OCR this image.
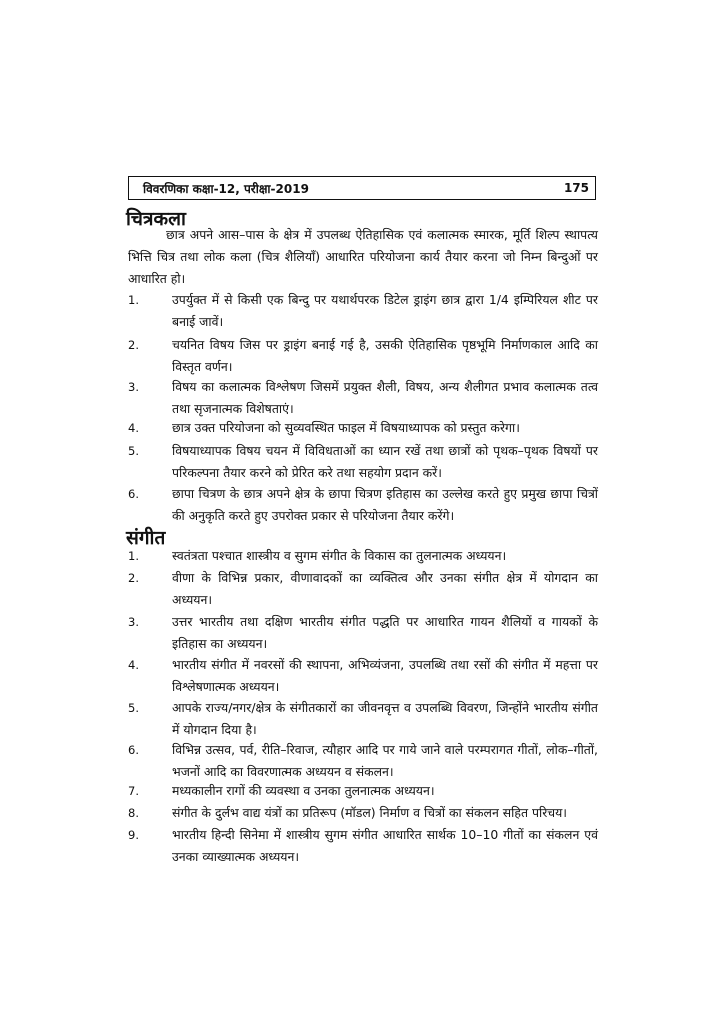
विवरणिका कक्षा-12, परीक्षा-2019	175
चित्रकला
छात्र अपने आस–पास के क्षेत्र में उपलब्ध ऐतिहासिक एवं कलात्मक स्मारक, मूर्ति शिल्प स्थापत्य भित्ति चित्र तथा लोक कला (चित्र शैलियाँ) आधारित परियोजना कार्य तैयार करना जो निम्न बिन्दुओं पर आधारित हो।
1.	उपर्युक्त में से किसी एक बिन्दु पर यथार्थपरक डिटेल ड्राइंग छात्र द्वारा 1/4 इम्पिरियल शीट पर बनाई जावें।
2.	चयनित विषय जिस पर ड्राइंग बनाई गई है, उसकी ऐतिहासिक पृष्ठभूमि निर्माणकाल आदि का विस्तृत वर्णन।
3.	विषय का कलात्मक विश्लेषण जिसमें प्रयुक्त शैली, विषय, अन्य शैलीगत प्रभाव कलात्मक तत्व तथा सृजनात्मक विशेषताएं।
4.	छात्र उक्त परियोजना को सुव्यवस्थित फाइल में विषयाध्यापक को प्रस्तुत करेगा।
5.	विषयाध्यापक विषय चयन में विविधताओं का ध्यान रखें तथा छात्रों को पृथक–पृथक विषयों पर परिकल्पना तैयार करने को प्रेरित करे तथा सहयोग प्रदान करें।
6.	छापा चित्रण के छात्र अपने क्षेत्र के छापा चित्रण इतिहास का उल्लेख करते हुए प्रमुख छापा चित्रों की अनुकृति करते हुए उपरोक्त प्रकार से परियोजना तैयार करेंगे।
संगीत
1.	स्वतंत्रता पश्चात शास्त्रीय व सुगम संगीत के विकास का तुलनात्मक अध्ययन।
2.	वीणा के विभिन्न प्रकार, वीणावादकों का व्यक्तित्व और उनका संगीत क्षेत्र में योगदान का अध्ययन।
3.	उत्तर भारतीय तथा दक्षिण भारतीय संगीत पद्धति पर आधारित गायन शैलियों व गायकों के इतिहास का अध्ययन।
4.	भारतीय संगीत में नवरसों की स्थापना, अभिव्यंजना, उपलब्धि तथा रसों की संगीत में महत्ता पर विश्लेषणात्मक अध्ययन।
5.	आपके राज्य/नगर/क्षेत्र के संगीतकारों का जीवनवृत्त व उपलब्धि विवरण, जिन्होंने भारतीय संगीत में योगदान दिया है।
6.	विभिन्न उत्सव, पर्व, रीति–रिवाज, त्यौहार आदि पर गाये जाने वाले परम्परागत गीतों, लोक–गीतों, भजनों आदि का विवरणात्मक अध्ययन व संकलन।
7.	मध्यकालीन रागों की व्यवस्था व उनका तुलनात्मक अध्ययन।
8.	संगीत के दुर्लभ वाद्य यंत्रों का प्रतिरूप (मॉडल) निर्माण व चित्रों का संकलन सहित परिचय।
9.	भारतीय हिन्दी सिनेमा में शास्त्रीय सुगम संगीत आधारित सार्थक 10–10 गीतों का संकलन एवं उनका व्याख्यात्मक अध्ययन।
